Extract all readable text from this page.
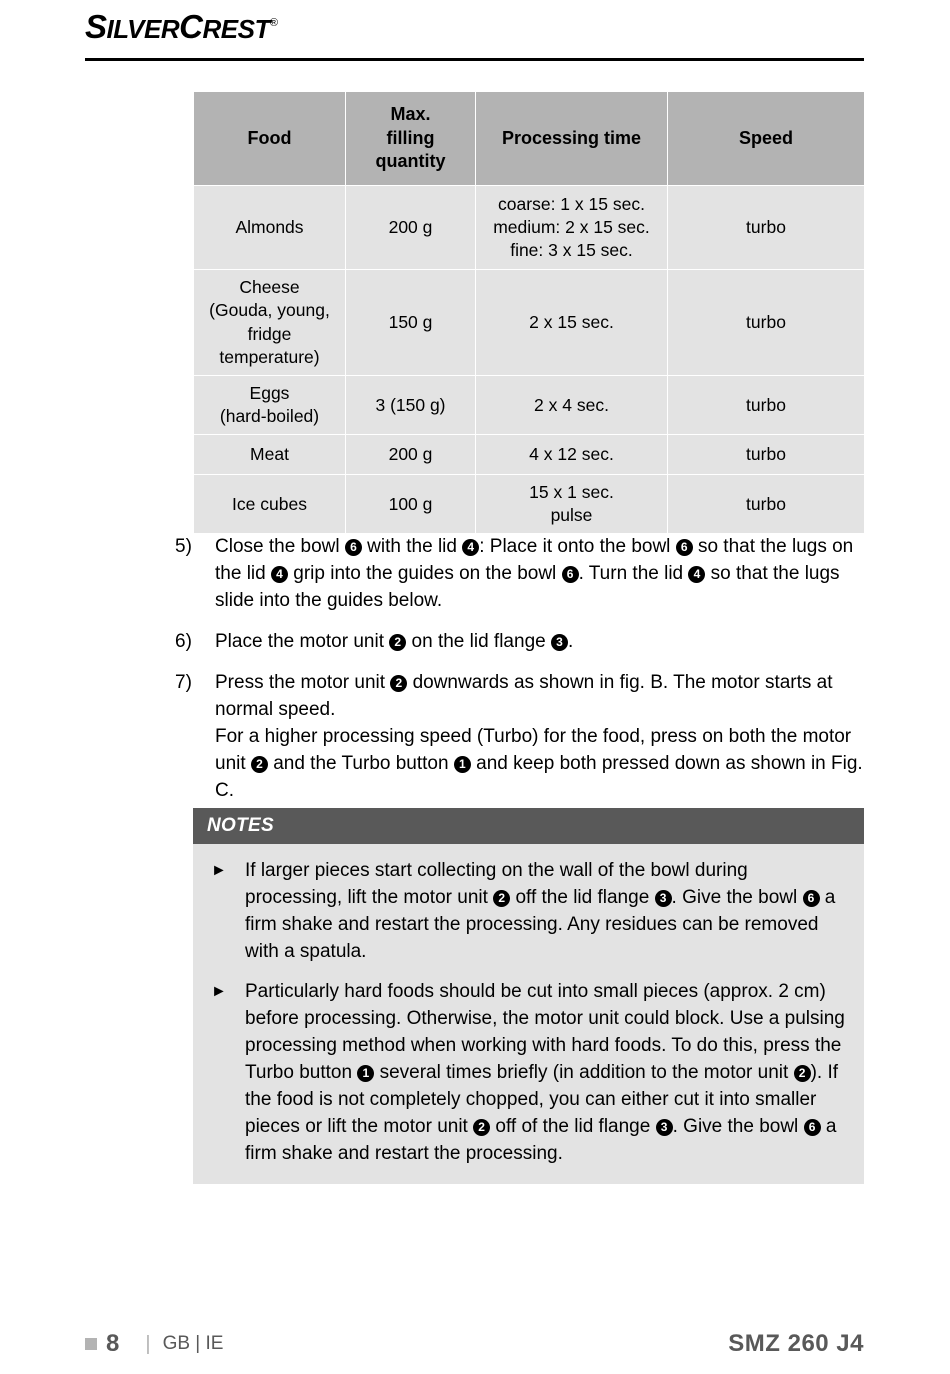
SILVERCREST®
Food	Max.
filling
quantity	Processing time	Speed
Almonds	200 g	coarse: 1 x 15 sec.
medium: 2 x 15 sec.
fine: 3 x 15 sec.	turbo
Cheese
(Gouda, young,
fridge
temperature)	150 g	2 x 15 sec.	turbo
Eggs
(hard-boiled)	3 (150 g)	2 x 4 sec.	turbo
Meat	200 g	4 x 12 sec.	turbo
Ice cubes	100 g	15 x 1 sec.
pulse	turbo
5)	Close the bowl 6 with the lid 4 : Place it onto the bowl 6 so that the lugs on the lid 4 grip into the guides on the bowl 6 . Turn the lid 4 so that the lugs slide into the guides below.
6)	Place the motor unit 2 on the lid flange 3 .
7)	Press the motor unit 2 downwards as shown in fig. B. The motor starts at normal speed.
For a higher processing speed (Turbo) for the food, press on both the motor unit 2 and the Turbo button 1 and keep both pressed down as shown in Fig. C.
NOTES
► If larger pieces start collecting on the wall of the bowl during processing, lift the motor unit 2 off the lid flange 3 . Give the bowl 6 a firm shake and restart the processing. Any residues can be removed with a spatula.
► Particularly hard foods should be cut into small pieces (approx. 2 cm) before processing. Otherwise, the motor unit could block. Use a pulsing processing method when working with hard foods. To do this, press the Turbo button 1 several times briefly (in addition to the motor unit 2 ). If the food is not completely chopped, you can either cut it into smaller pieces or lift the motor unit 2 off of the lid flange 3 . Give the bowl 6 a firm shake and restart the processing.
8 | GB | IE	SMZ 260 J4
